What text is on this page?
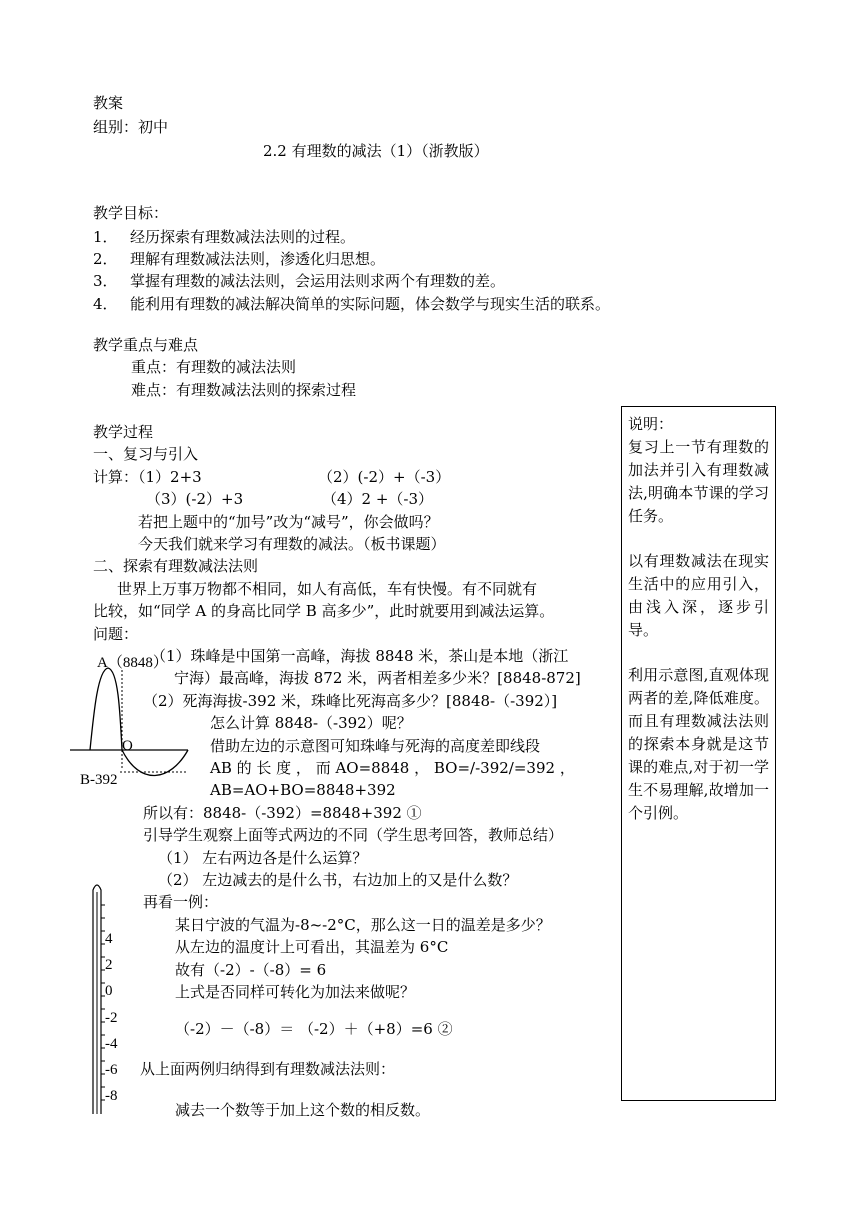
教案
组别：初中
2.2 有理数的减法（1）（浙教版）
教学目标：
1． 经历探索有理数减法法则的过程。
2． 理解有理数减法法则，渗透化归思想。
3． 掌握有理数的减法法则，会运用法则求两个有理数的差。
4． 能利用有理数的减法解决简单的实际问题，体会数学与现实生活的联系。
教学重点与难点
重点：有理数的减法法则
难点：有理数减法法则的探索过程
教学过程
一、复习与引入
计算：（1）2+3	（2）(-2）+（-3）
（3）(-2）+3	（4）2 +（-3）
若把上题中的“加号”改为“减号”，你会做吗？
今天我们就来学习有理数的减法。（板书课题）
二、探索有理数减法法则
世界上万事万物都不相同，如人有高低，车有快慢。有不同就有
比较，如“同学 A 的身高比同学 B 高多少”，此时就要用到减法运算。
问题：
A（8848）
O
B-392
（1）珠峰是中国第一高峰，海拔 8848 米，茶山是本地（浙江
宁海）最高峰，海拔 872 米，两者相差多少米？[8848-872]
（2）死海海拔-392 米，珠峰比死海高多少？[8848-（-392）]
怎么计算 8848-（-392）呢？
借助左边的示意图可知珠峰与死海的高度差即线段
AB 的 长 度 ， 而 AO=8848 ， BO=/-392/=392 ，
AB=AO+BO=8848+392
所以有：8848-（-392）=8848+392 ①
引导学生观察上面等式两边的不同（学生思考回答，教师总结）
（1） 左右两边各是什么运算？
（2） 左边减去的是什么书，右边加上的又是什么数？
再看一例：
某日宁波的气温为-8~-2°C，那么这一日的温差是多少？
从左边的温度计上可看出，其温差为 6°C
故有（-2）-（-8）= 6
上式是否同样可转化为加法来做呢？
（-2）－（-8）＝ （-2）＋（+8）=6 ②
从上面两例归纳得到有理数减法法则：
减去一个数等于加上这个数的相反数。
4
2
0
-2
-4
-6
-8
说明：

复习上一节有理数的加法并引入有理数减法,明确本节课的学习任务。

以有理数减法在现实生活中的应用引入，由浅入深，逐步引导。

利用示意图,直观体现两者的差,降低难度。而且有理数减法法则的探索本身就是这节课的难点,对于初一学生不易理解,故增加一个引例。
